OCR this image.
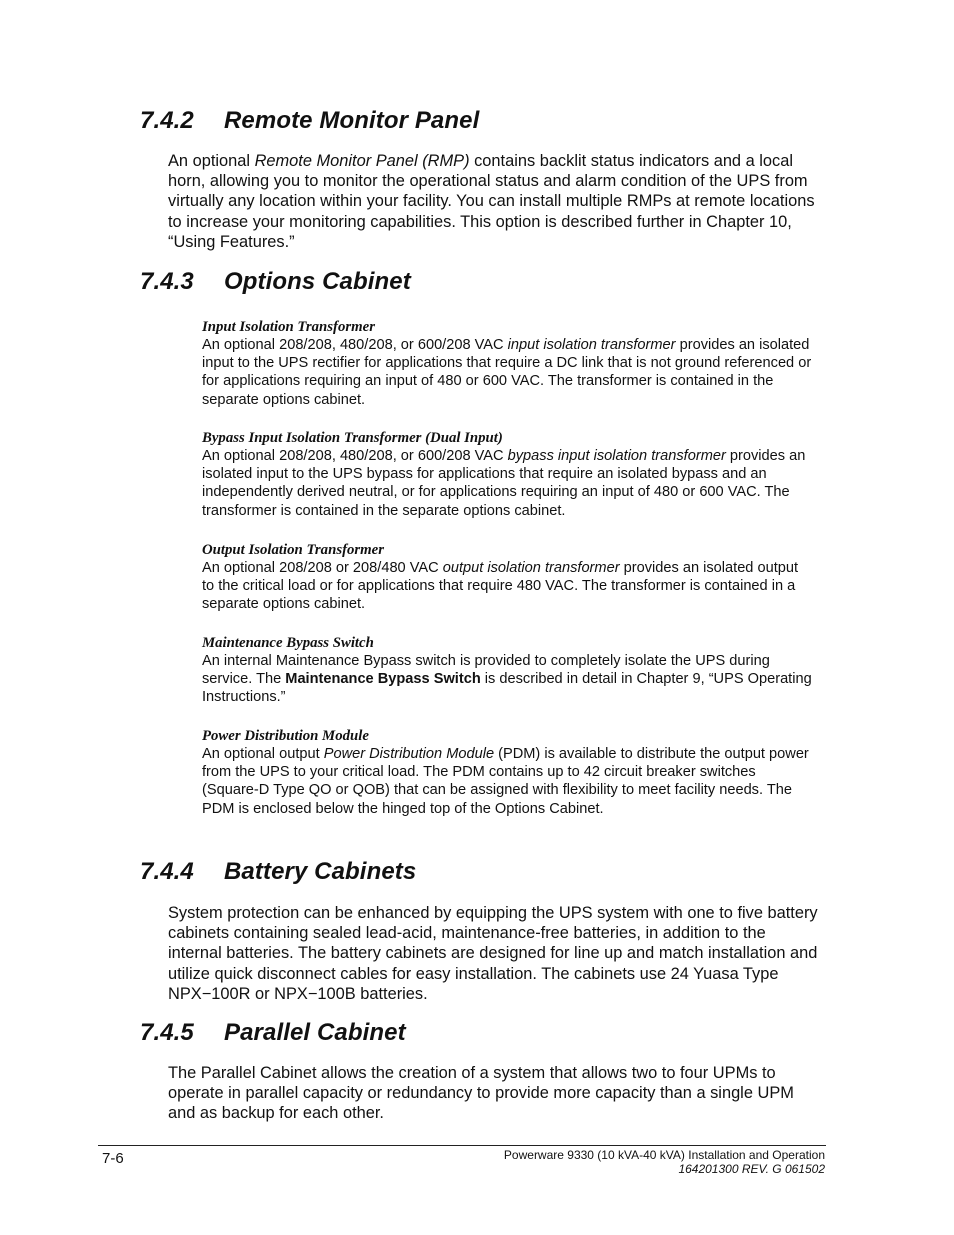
7.4.2 Remote Monitor Panel

An optional Remote Monitor Panel (RMP) contains backlit status indicators and a local horn, allowing you to monitor the operational status and alarm condition of the UPS from virtually any location within your facility. You can install multiple RMPs at remote locations to increase your monitoring capabilities. This option is described further in Chapter 10, “Using Features.”

7.4.3 Options Cabinet

Input Isolation Transformer

An optional 208/208, 480/208, or 600/208 VAC input isolation transformer provides an isolated input to the UPS rectifier for applications that require a DC link that is not ground referenced or for applications requiring an input of 480 or 600 VAC. The transformer is contained in the separate options cabinet.

Bypass Input Isolation Transformer (Dual Input)

An optional 208/208, 480/208, or 600/208 VAC bypass input isolation transformer provides an isolated input to the UPS bypass for applications that require an isolated bypass and an independently derived neutral, or for applications requiring an input of 480 or 600 VAC. The transformer is contained in the separate options cabinet.

Output Isolation Transformer

An optional 208/208 or 208/480 VAC output isolation transformer provides an isolated output to the critical load or for applications that require 480 VAC. The transformer is contained in a separate options cabinet.

Maintenance Bypass Switch

An internal Maintenance Bypass switch is provided to completely isolate the UPS during service. The Maintenance Bypass Switch is described in detail in Chapter 9, “UPS Operating Instructions.”

Power Distribution Module

An optional output Power Distribution Module (PDM) is available to distribute the output power from the UPS to your critical load. The PDM contains up to 42 circuit breaker switches (Square-D Type QO or QOB) that can be assigned with flexibility to meet facility needs. The PDM is enclosed below the hinged top of the Options Cabinet.

7.4.4 Battery Cabinets

System protection can be enhanced by equipping the UPS system with one to five battery cabinets containing sealed lead-acid, maintenance-free batteries, in addition to the internal batteries. The battery cabinets are designed for line up and match installation and utilize quick disconnect cables for easy installation. The cabinets use 24 Yuasa Type NPX−100R or NPX−100B batteries.

7.4.5 Parallel Cabinet

The Parallel Cabinet allows the creation of a system that allows two to four UPMs to operate in parallel capacity or redundancy to provide more capacity than a single UPM and as backup for each other.

7-6	Powerware 9330 (10 kVA-40 kVA) Installation and Operation
164201300 REV. G 061502
